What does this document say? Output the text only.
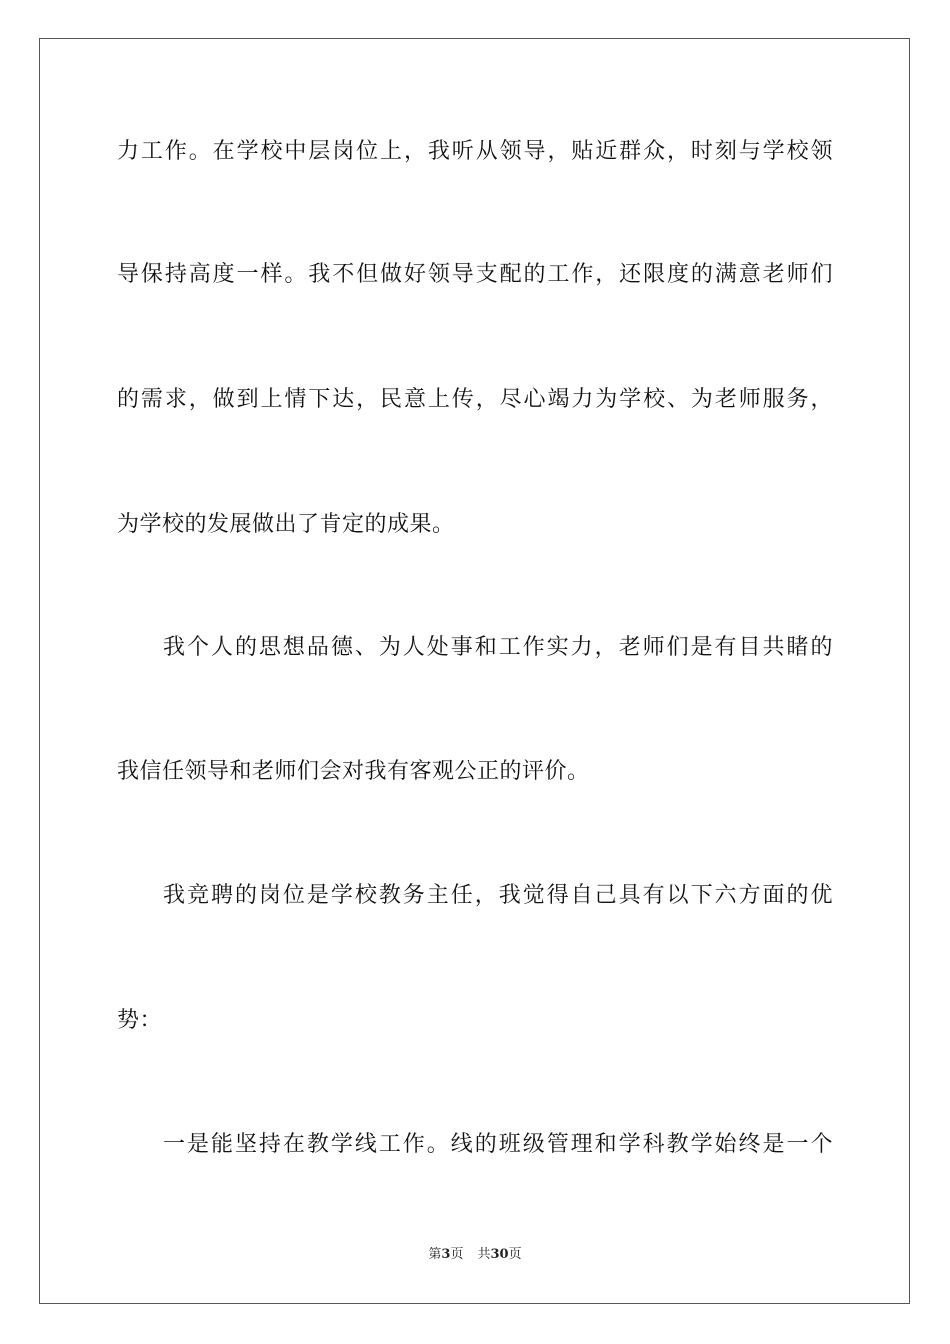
力工作。在学校中层岗位上，我听从领导，贴近群众，时刻与学校领
导保持高度一样。我不但做好领导支配的工作，还限度的满意老师们
的需求，做到上情下达，民意上传，尽心竭力为学校、为老师服务，
为学校的发展做出了肯定的成果。
我个人的思想品德、为人处事和工作实力，老师们是有目共睹的
我信任领导和老师们会对我有客观公正的评价。
我竞聘的岗位是学校教务主任，我觉得自己具有以下六方面的优
势：
一是能坚持在教学线工作。线的班级管理和学科教学始终是一个
第3页 共30页
